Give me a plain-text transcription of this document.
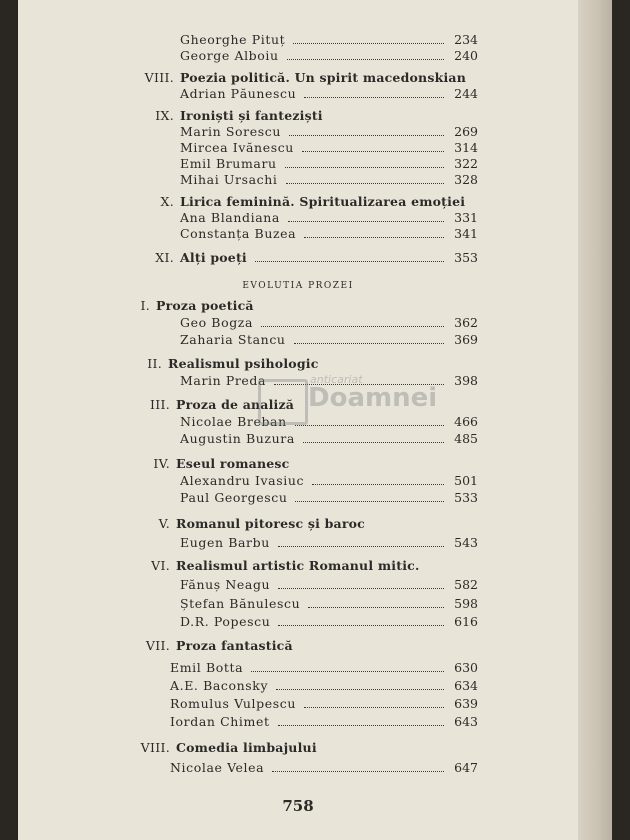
Gheorghe Pituț	234
George Alboiu	240
VIII. Poezia politică. Un spirit macedonskian
Adrian Păunescu	244
IX. Ironiști și fanteziști
Marin Sorescu	269
Mircea Ivănescu	314
Emil Brumaru	322
Mihai Ursachi	328
X. Lirica feminină. Spiritualizarea emoției
Ana Blandiana	331
Constanța Buzea	341
XI. Alți poeți	353
EVOLUTIA PROZEI
I. Proza poetică
Geo Bogza	362
Zaharia Stancu	369
II. Realismul psihologic
Marin Preda	398
III. Proza de analiză
Nicolae Breban	466
Augustin Buzura	485
IV. Eseul romanesc
Alexandru Ivasiuc	501
Paul Georgescu	533
V. Romanul pitoresc și baroc
Eugen Barbu	543
VI. Realismul artistic Romanul mitic.
Fănuș Neagu	582
Ștefan Bănulescu	598
D.R. Popescu	616
VII. Proza fantastică
Emil Botta	630
A.E. Baconsky	634
Romulus Vulpescu	639
Iordan Chimet	643
VIII. Comedia limbajului
Nicolae Velea	647
758
anticariat
Doamnei
